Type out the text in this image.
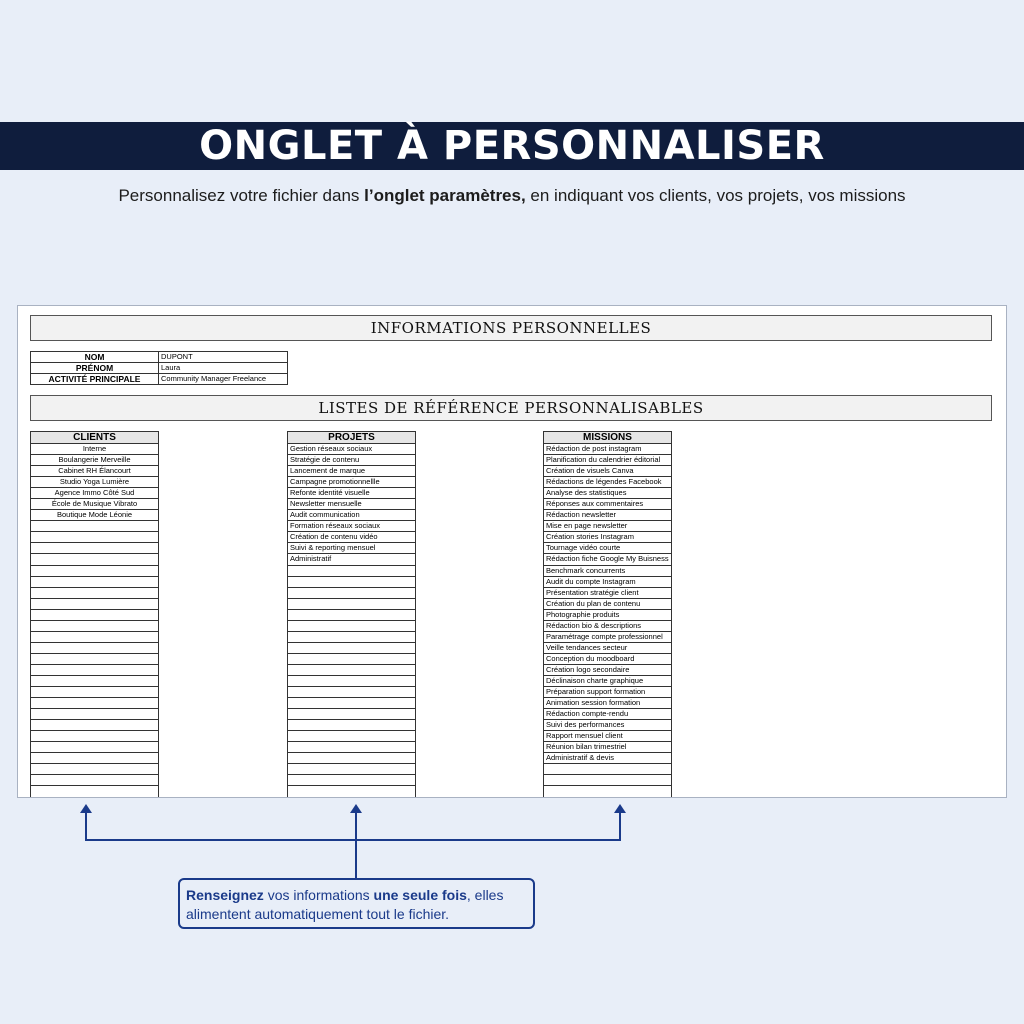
ONGLET À PERSONNALISER

Personnalisez votre fichier dans l’onglet paramètres, en indiquant vos clients, vos projets, vos missions

INFORMATIONS PERSONNELLES
NOM	DUPONT
PRÉNOM	Laura
ACTIVITÉ PRINCIPALE	Community Manager Freelance
LISTES DE RÉFÉRENCE PERSONNALISABLES
CLIENTS
Interne
Boulangerie Merveille
Cabinet RH Élancourt
Studio Yoga Lumière
Agence Immo Côté Sud
École de Musique Vibrato
Boutique Mode Léonie
PROJETS
Gestion réseaux sociaux
Stratégie de contenu
Lancement de marque
Campagne promotionnellle
Refonte identité visuelle
Newsletter mensuelle
Audit communication
Formation réseaux sociaux
Création de contenu vidéo
Suivi & reporting mensuel
Administratif
MISSIONS
Rédaction de post instagram
Planification du calendrier éditorial
Création de visuels Canva
Rédactions de légendes Facebook
Analyse des statistiques
Réponses aux commentaires
Rédaction newsletter
Mise en page newsletter
Création stories Instagram
Tournage vidéo courte
Rédaction fiche Google My Buisness
Benchmark concurrents
Audit du compte Instagram
Présentation stratégie client
Création du plan de contenu
Photographie produits
Rédaction bio & descriptions
Paramétrage compte professionnel
Veille tendances secteur
Conception du moodboard
Création logo secondaire
Déclinaison charte graphique
Préparation support formation
Animation session formation
Rédaction compte-rendu
Suivi des performances
Rapport mensuel client
Réunion bilan trimestriel
Administratif & devis
Renseignez vos informations une seule fois, elles alimentent automatiquement tout le fichier.
